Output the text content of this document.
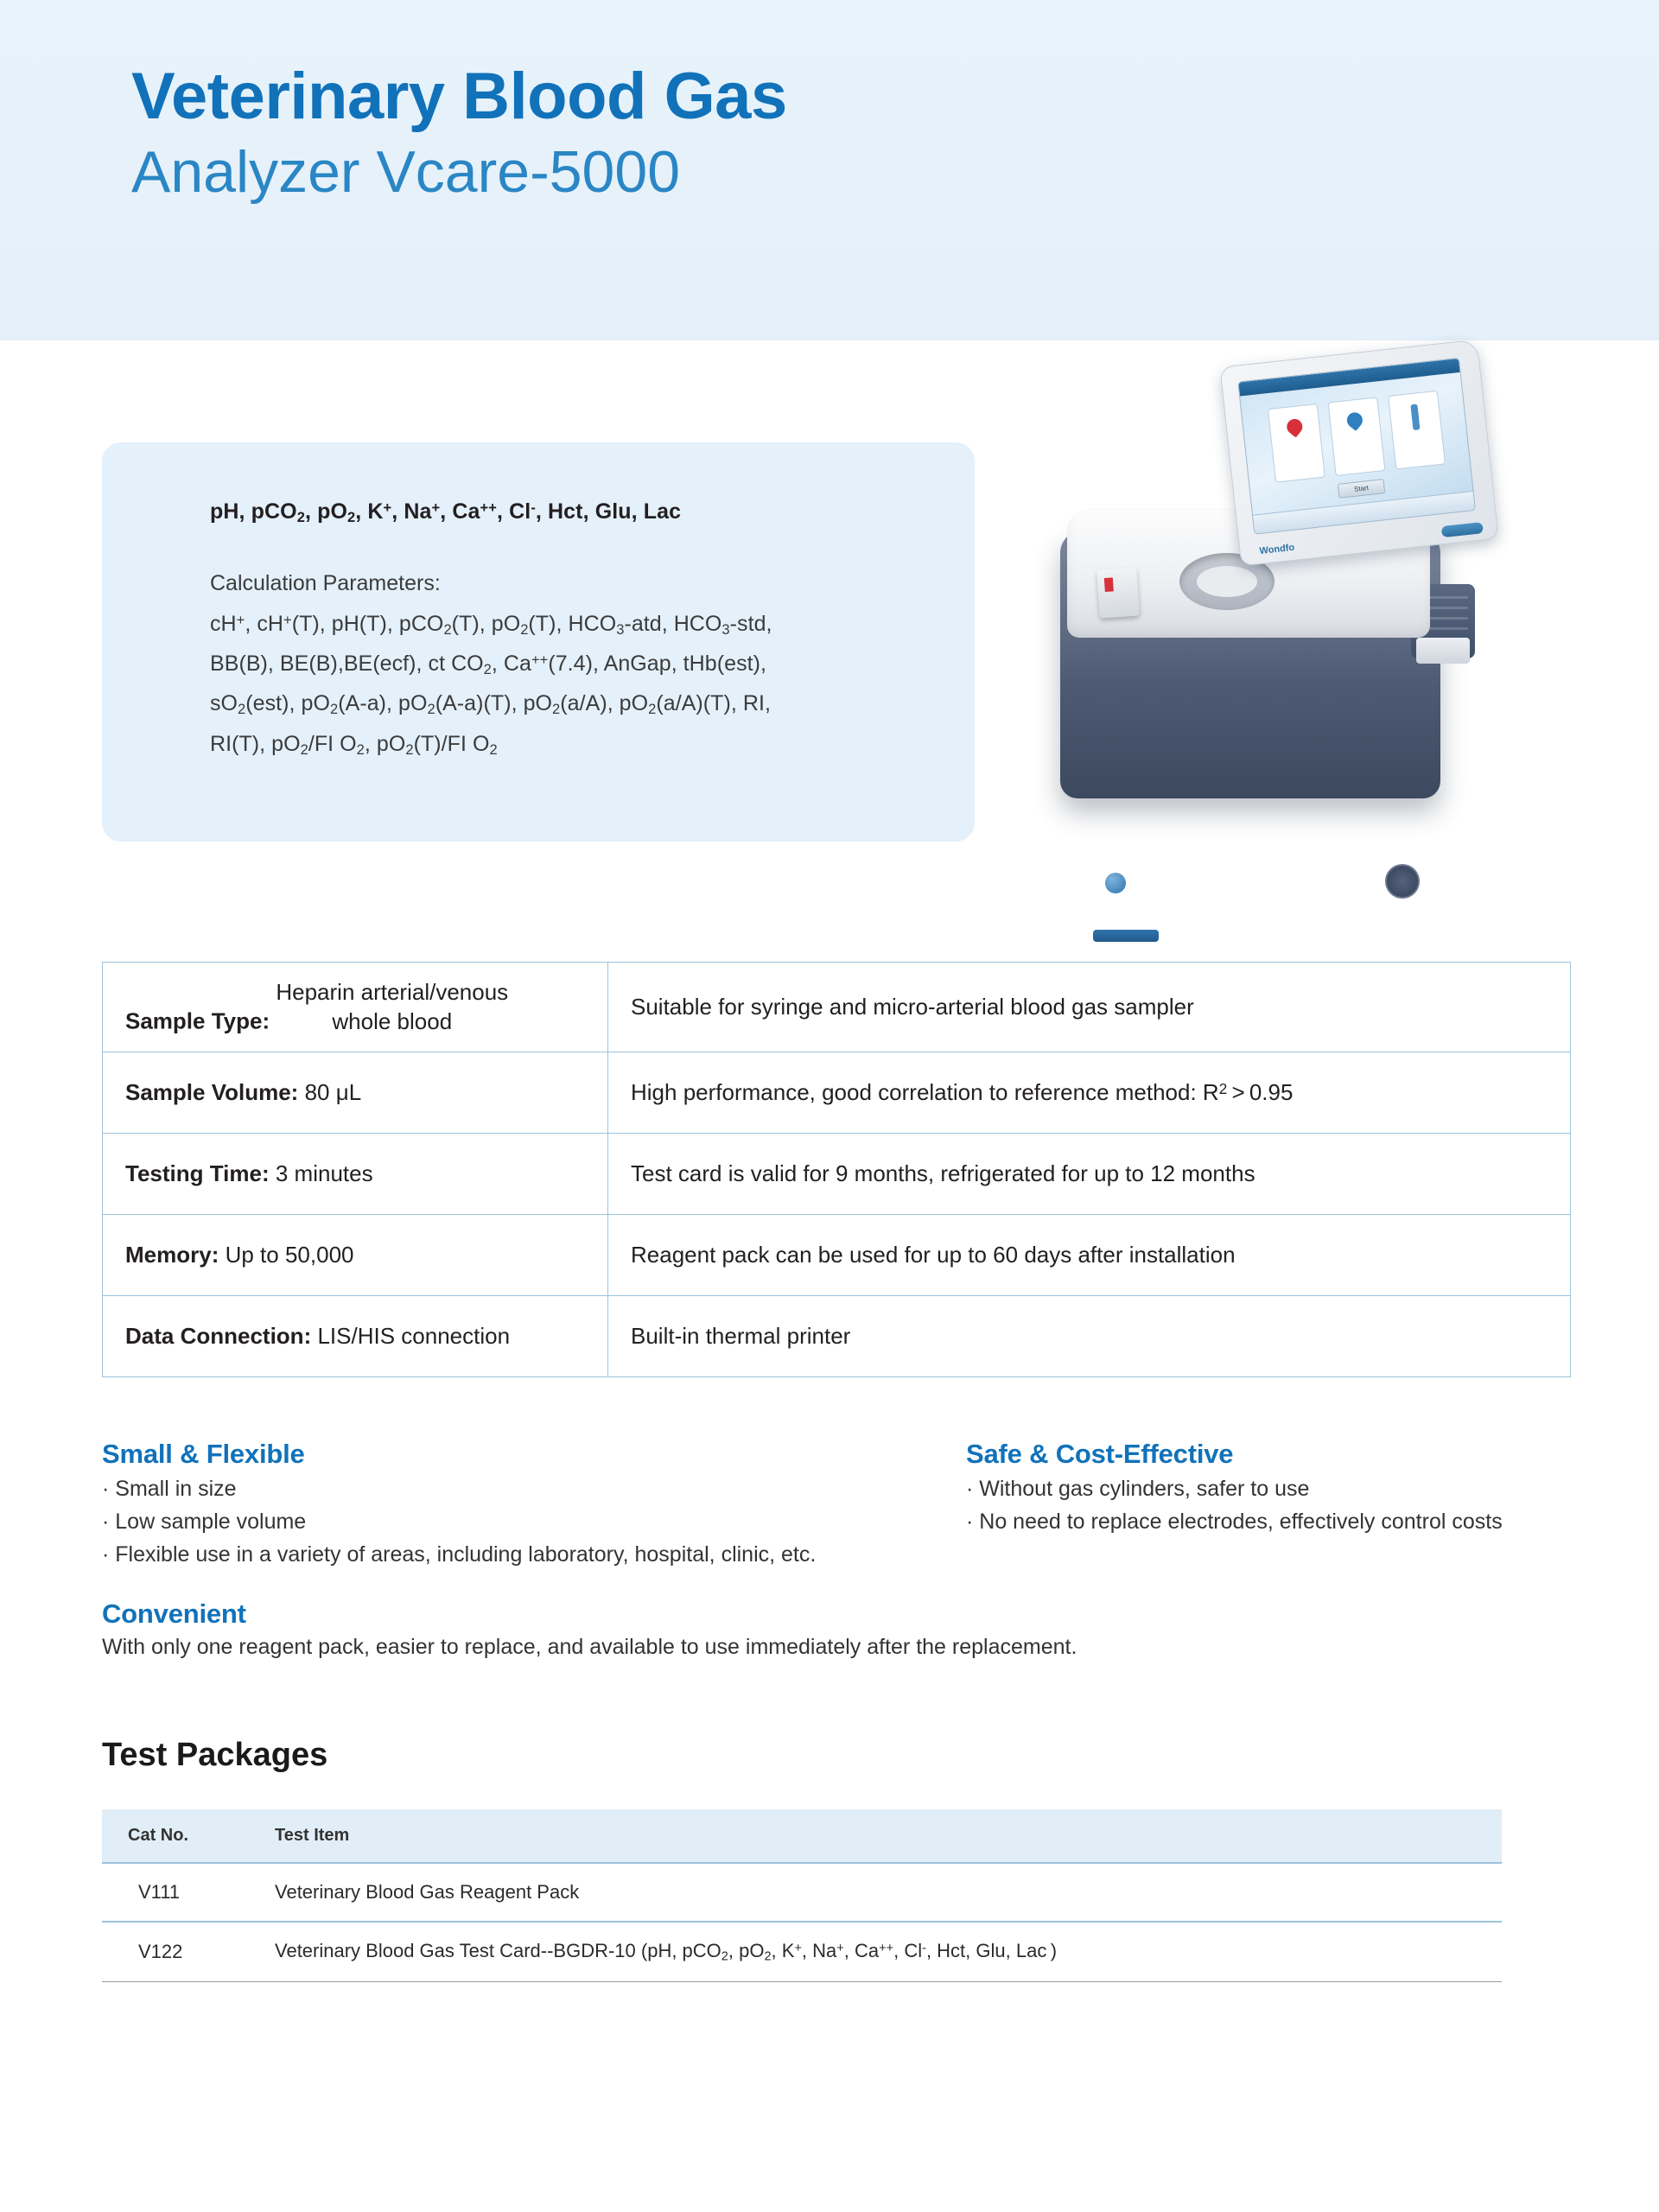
Veterinary Blood Gas
Analyzer Vcare-5000

pH, pCO$_2$, $pO_2$, K+, Na+, Ca++, Cl-, Hct, Glu, Lac

Calculation Parameters:

cH+, cH+(T), pH(T), pCO$_2$(T), $pO_2(T)$, $HCO_3$-atd, $HCO_3$-std,

BB(B), BE(B),BE(ecf), ct $CO_2$, Ca++(7.4), AnGap, tHb(est),

$sO_2(est)$, $pO_2(A-a)$, $pO_2(A-a)(T)$, $pO_2(a/A)$, $pO_2(a/A)(T)$, RI,

RI(T), $pO_2/FI$ $O_2$, $pO_2(T)/FI$ $O_2$

Start
Wondfo
Sample Type: Heparin arterial/venous
whole blood	Suitable for syringe and micro-arterial blood gas sampler
Sample Volume: 80 μL	High performance, good correlation to reference method: $R^2 > 0.95$
Testing Time: 3 minutes	Test card is valid for 9 months, refrigerated for up to 12 months
Memory: Up to 50,000	Reagent pack can be used for up to 60 days after installation
Data Connection: LIS/HIS connection	Built-in thermal printer

Small & Flexible

· Small in size

· Low sample volume

· Flexible use in a variety of areas, including laboratory, hospital, clinic, etc.

Safe & Cost-Effective

· Without gas cylinders, safer to use

· No need to replace electrodes, effectively control costs

Convenient

With only one reagent pack, easier to replace, and available to use immediately after the replacement.

Test Packages
Cat No.	Test Item
V111	Veterinary Blood Gas Reagent Pack
V122	Veterinary Blood Gas Test Card--BGDR-10 (pH, pCO$_2$, $pO_2$, K+, Na+, Ca++, Cl-, Hct, Glu, Lac )
